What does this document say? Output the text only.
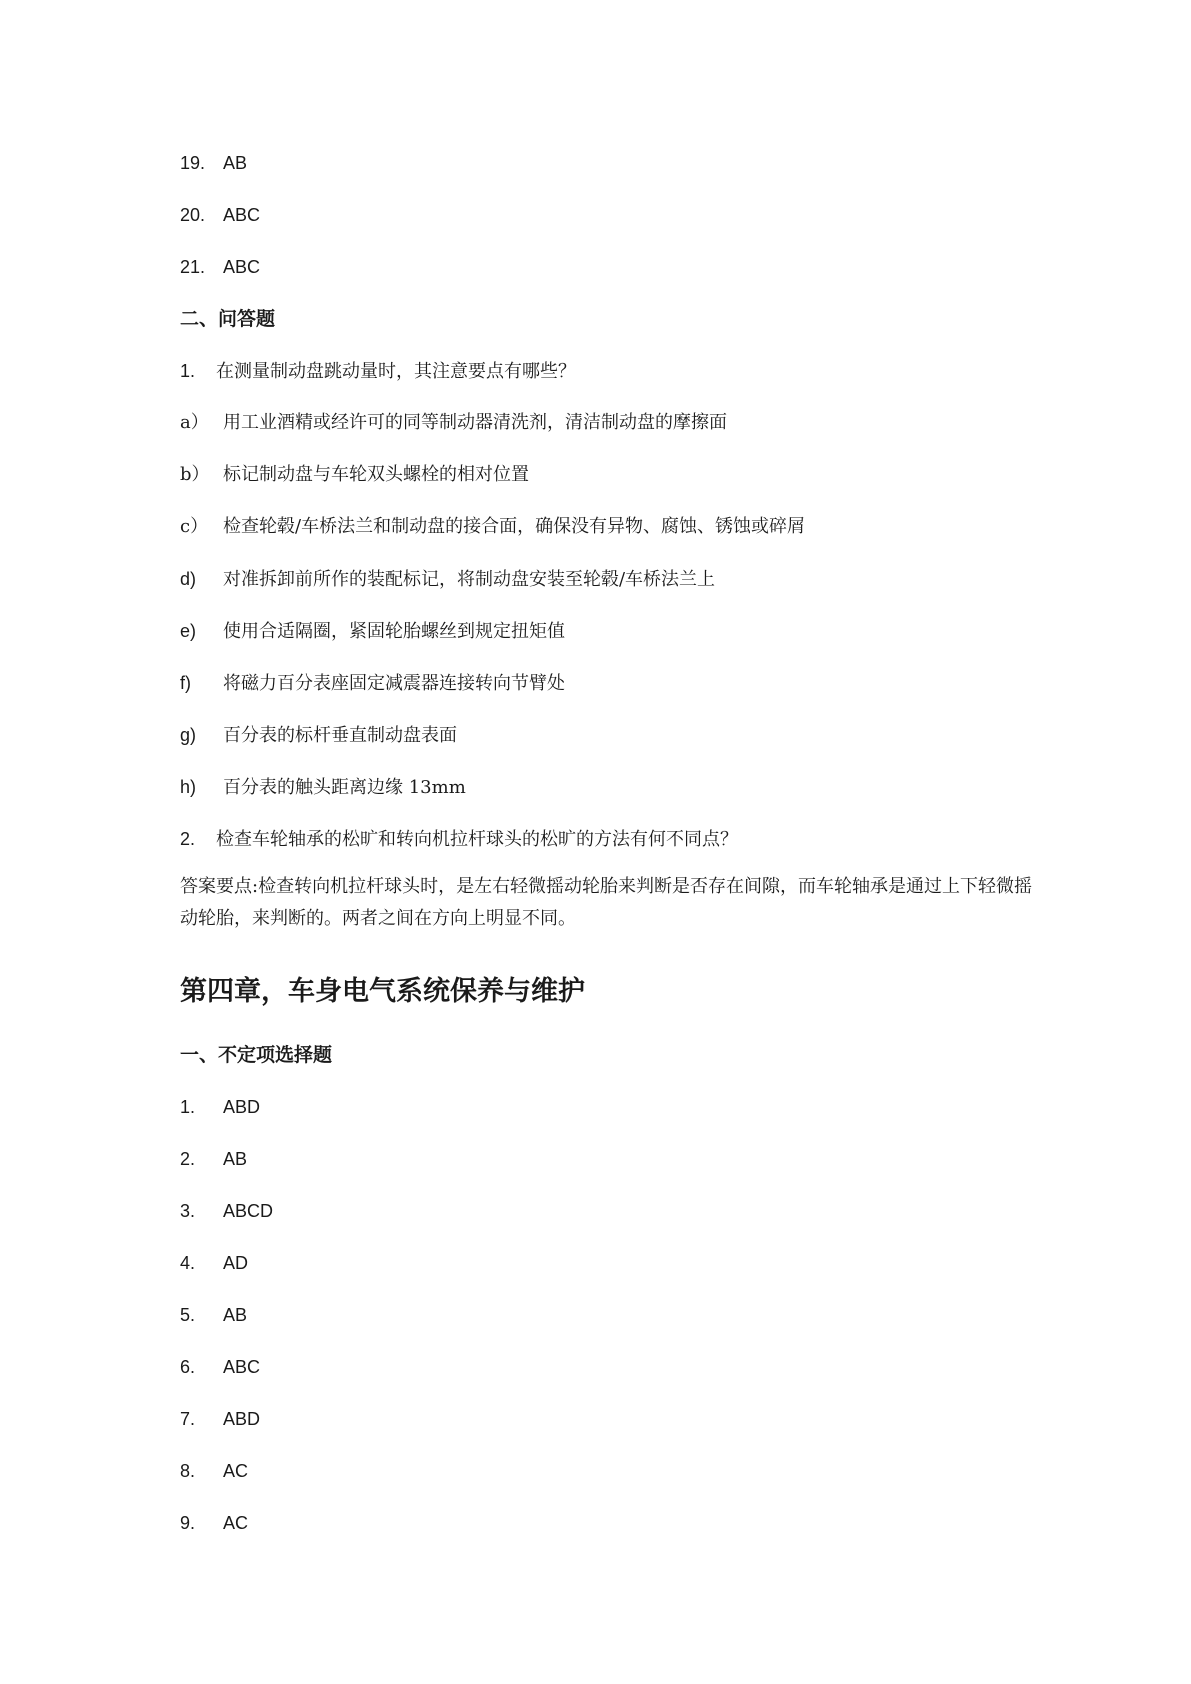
19. AB
20. ABC
21. ABC
二、问答题
1. 在测量制动盘跳动量时，其注意要点有哪些？
a） 用工业酒精或经许可的同等制动器清洗剂，清洁制动盘的摩擦面
b） 标记制动盘与车轮双头螺栓的相对位置
c） 检查轮毂/车桥法兰和制动盘的接合面，确保没有异物、腐蚀、锈蚀或碎屑
d) 对准拆卸前所作的装配标记，将制动盘安装至轮毂/车桥法兰上
e) 使用合适隔圈，紧固轮胎螺丝到规定扭矩值
f) 将磁力百分表座固定减震器连接转向节臂处
g) 百分表的标杆垂直制动盘表面
h) 百分表的触头距离边缘 13mm
2. 检查车轮轴承的松旷和转向机拉杆球头的松旷的方法有何不同点？
答案要点:检查转向机拉杆球头时，是左右轻微摇动轮胎来判断是否存在间隙，而车轮轴承是通过上下轻微摇动轮胎，来判断的。两者之间在方向上明显不同。
第四章，车身电气系统保养与维护
一、不定项选择题
1. ABD
2. AB
3. ABCD
4. AD
5. AB
6. ABC
7. ABD
8. AC
9. AC
